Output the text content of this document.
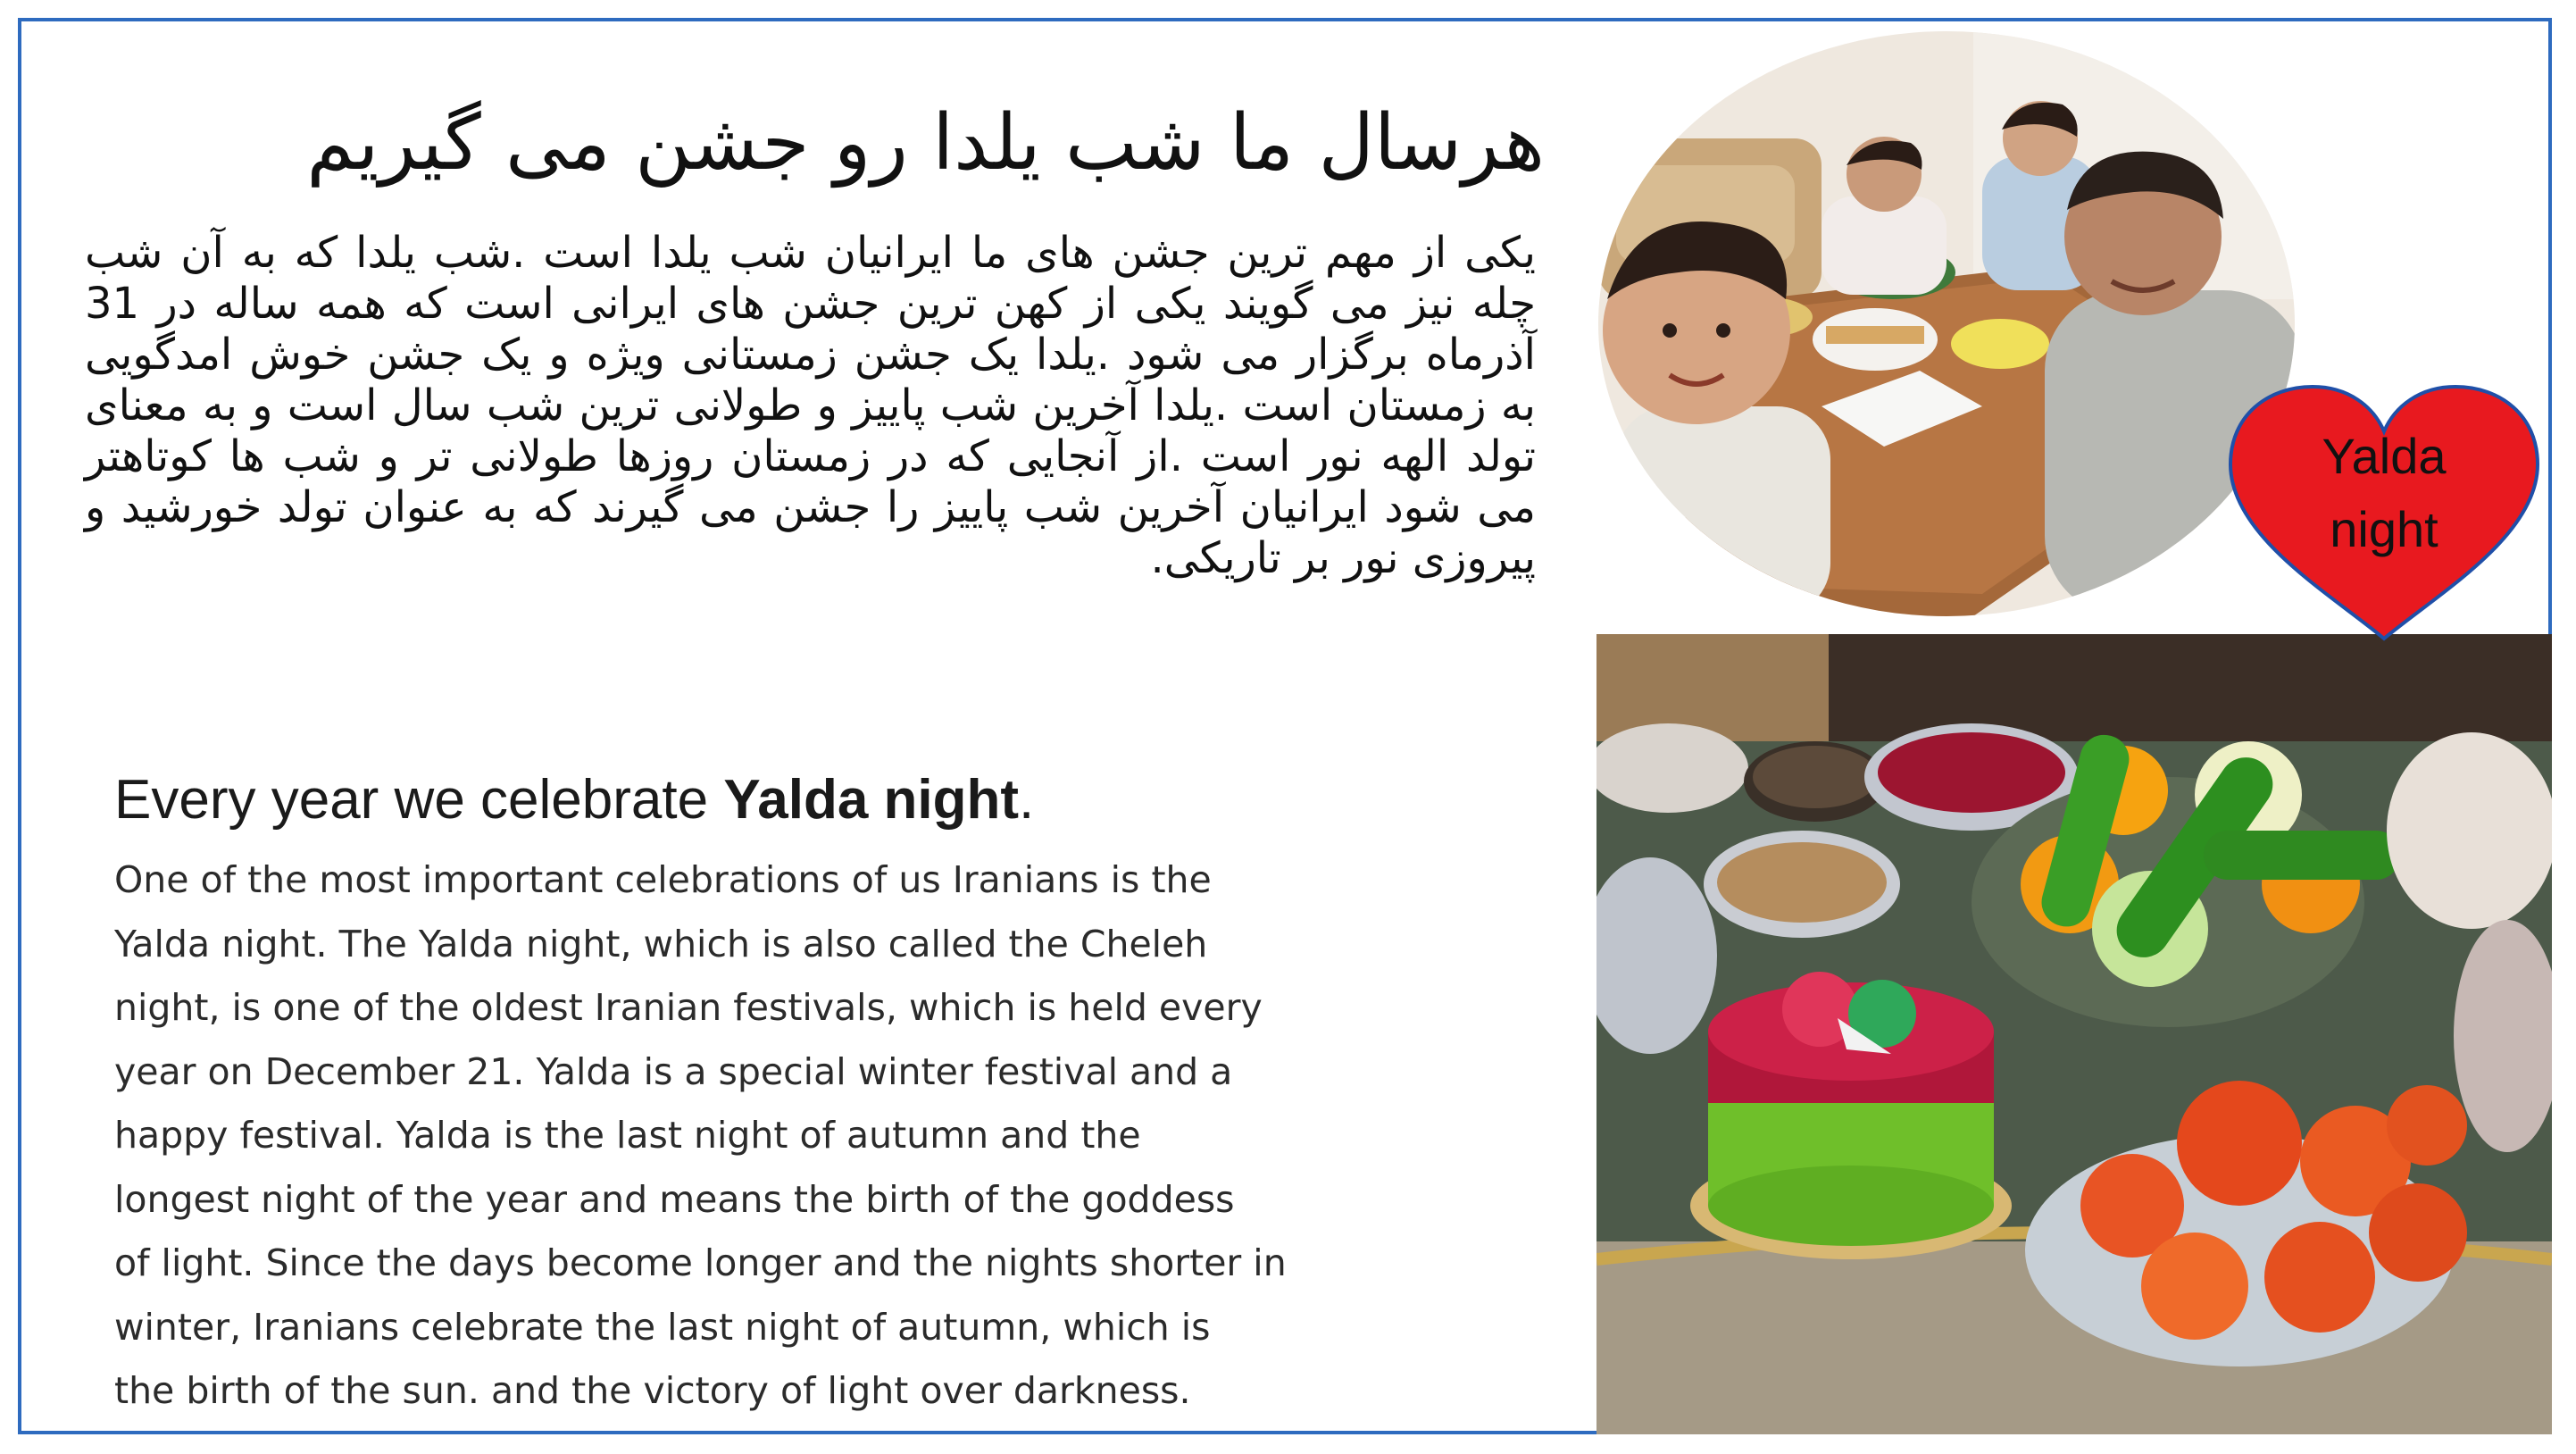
هرسال ما شب یلدا رو جشن می گیریم
یکی از مهم ترین جشن های ما ایرانیان شب یلدا است .شب یلدا که به آن شب چله نیز می گویند یکی از کهن ترین جشن های ایرانی است که همه ساله در 31 آذرماه برگزار می شود .یلدا یک جشن زمستانی ویژه و یک جشن خوش امدگویی به زمستان است .یلدا آخرین شب پاییز و طولانی ترین شب سال است و به معنای تولد الهه نور است .از آنجایی که در زمستان روزها طولانی تر و شب ها کوتاهتر می شود ایرانیان آخرین شب پاییز را جشن می گیرند که به عنوان تولد خورشید و پیروزی نور بر تاریکی.
Every year we celebrate Yalda night.
One of the most important celebrations of us Iranians is the
Yalda night. The Yalda night, which is also called the Cheleh
night, is one of the oldest Iranian festivals, which is held every
year on December 21. Yalda is a special winter festival and a
happy festival. Yalda is the last night of autumn and the
longest night of the year and means the birth of the goddess
of light. Since the days become longer and the nights shorter in
winter, Iranians celebrate the last night of autumn, which is
the birth of the sun. and the victory of light over darkness.
Yalda
night
